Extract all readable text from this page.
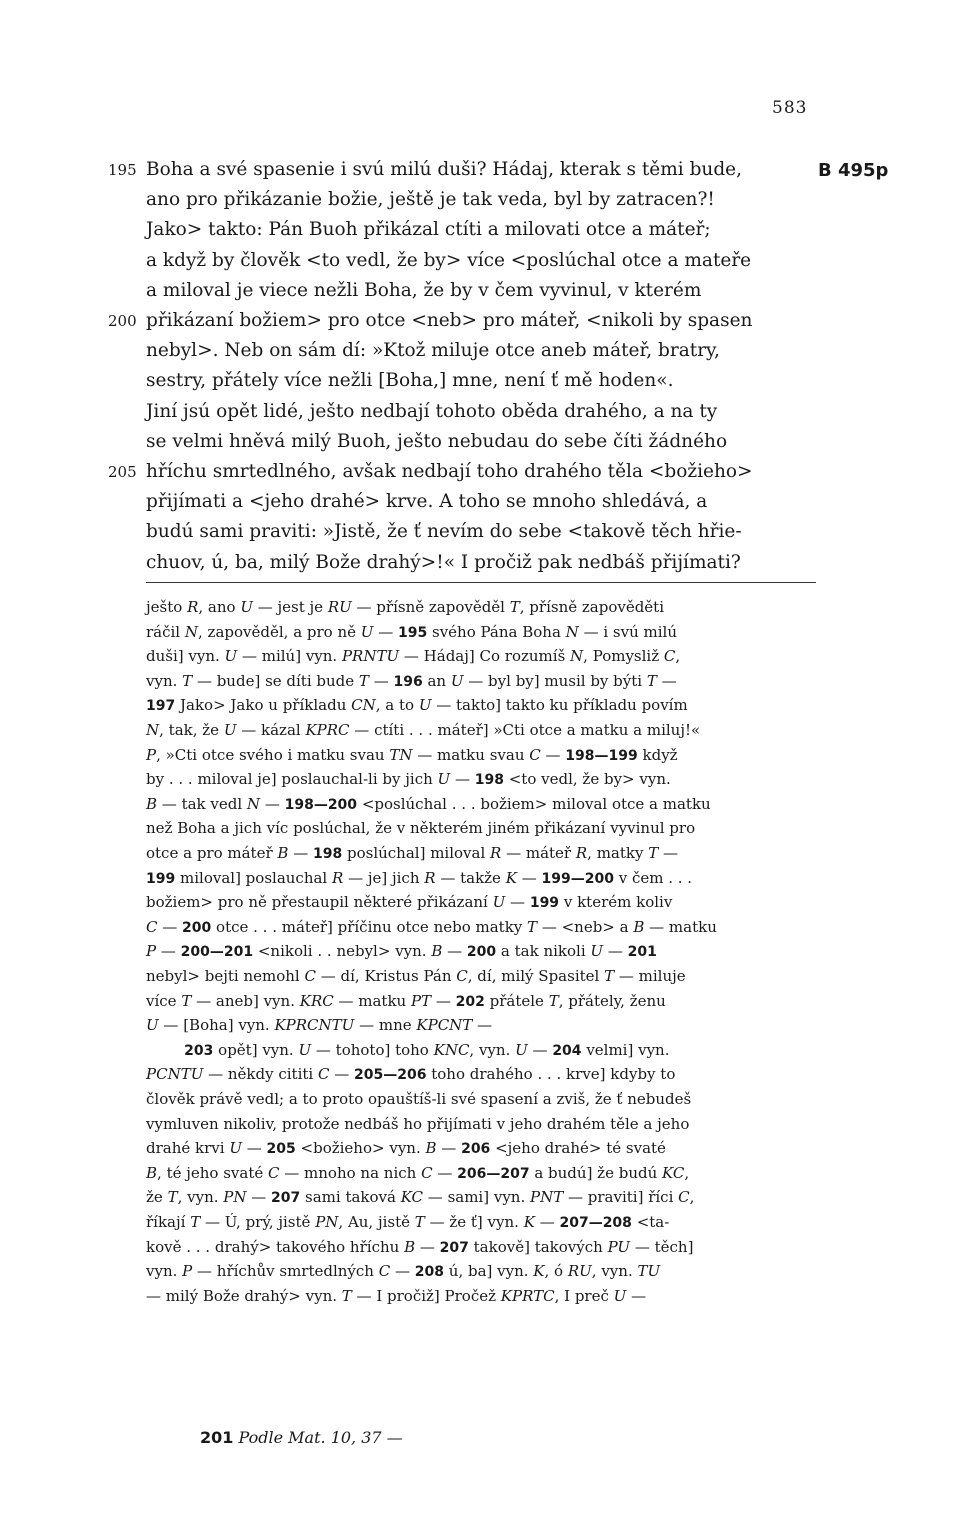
583
B 495p
195 Boha a své spasenie i svú milú duši? Hádaj, kterak s těmi bude,
ano pro přikázanie božie, ještě je tak veda, byl by zatracen?!
Jako> takto: Pán Buoh přikázal ctíti a milovati otce a máteř;
a když by člověk <to vedl, že by> více <poslúchal otce a mateře
a miloval je viece nežli Boha, že by v čem vyvinul, v kterém
200 přikázaní božiem> pro otce <neb> pro máteř, <nikoli by spasen
nebyl>. Neb on sám dí: »Ktož miluje otce aneb máteř, bratry,
sestry, přátely více nežli [Boha,] mne, není ť mě hoden«.
Jiní jsú opět lidé, ješto nedbají tohoto oběda drahého, a na ty
se velmi hněvá milý Buoh, ješto nebudau do sebe číti žádného
205 hříchu smrtedlného, avšak nedbají toho drahého těla <božieho>
přijímati a <jeho drahé> krve. A toho se mnoho shledává, a
budú sami praviti: »Jistě, že ť nevím do sebe <takově těch hřie-
chuov, ú, ba, milý Bože drahý>!« I pročiž pak nedbáš přijímati?
ješto R, ano U — jest je RU — přísně zapověděl T, přísně zapověděti
ráčil N, zapověděl, a pro ně U — 195 svého Pána Boha N — i svú milú
duši] vyn. U — milú] vyn. PRNTU — Hádaj] Co rozumíš N, Pomysliž C,
vyn. T — bude] se díti bude T — 196 an U — byl by] musil by býti T —
197 Jako> Jako u příkladu CN, a to U — takto] takto ku příkladu povím
N, tak, že U — kázal KPRC — ctíti . . . máteř] »Cti otce a matku a miluj!«
P, »Cti otce svého i matku svau TN — matku svau C — 198—199 když
by . . . miloval je] poslauchal-li by jich U — 198 <to vedl, že by> vyn.
B — tak vedl N — 198—200 <poslúchal . . . božiem> miloval otce a matku
než Boha a jich víc poslúchal, že v některém jiném přikázaní vyvinul pro
otce a pro máteř B — 198 poslúchal] miloval R — máteř R, matky T —
199 miloval] poslauchal R — je] jich R — takže K — 199—200 v čem . . .
božiem> pro ně přestaupil některé přikázaní U — 199 v kterém koliv
C — 200 otce . . . máteř] příčinu otce nebo matky T — <neb> a B — matku
P — 200—201 <nikoli . . nebyl> vyn. B — 200 a tak nikoli U — 201
nebyl> bejti nemohl C — dí, Kristus Pán C, dí, milý Spasitel T — miluje
více T — aneb] vyn. KRC — matku PT — 202 přátele T, přátely, ženu
U — [Boha] vyn. KPRCNTU — mne KPCNT —
203 opět] vyn. U — tohoto] toho KNC, vyn. U — 204 velmi] vyn.
PCNTU — někdy cititi C — 205—206 toho drahého . . . krve] kdyby to
člověk právě vedl; a to proto opauštíš-li své spasení a zviš, že ť nebudeš
vymluven nikoliv, protože nedbáš ho přijímati v jeho drahém těle a jeho
drahé krvi U — 205 <božieho> vyn. B — 206 <jeho drahé> té svaté
B, té jeho svaté C — mnoho na nich C — 206—207 a budú] že budú KC,
že T, vyn. PN — 207 sami taková KC — sami] vyn. PNT — praviti] říci C,
říkají T — Ú, prý, jistě PN, Au, jistě T — že ť] vyn. K — 207—208 <ta-
kově . . . drahý> takového hříchu B — 207 takově] takových PU — těch]
vyn. P — hříchův smrtedlných C — 208 ú, ba] vyn. K, ó RU, vyn. TU
— milý Bože drahý> vyn. T — I pročiž] Pročež KPRTC, I preč U —
201 Podle Mat. 10, 37 —
